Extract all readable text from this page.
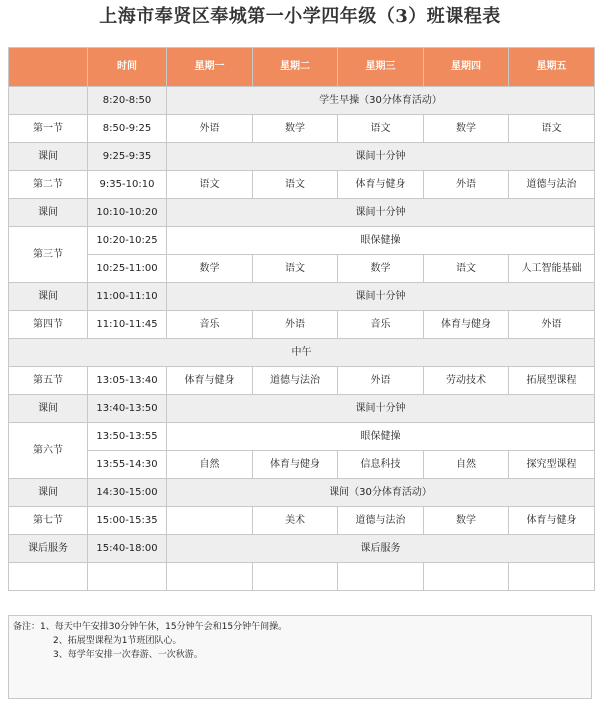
上海市奉贤区奉城第一小学四年级（3）班课程表
	时间	星期一	星期二	星期三	星期四	星期五
	8:20-8:50	学生早操（30分体育活动）				
第一节	8:50-9:25	外语	数学	语文	数学	语文
课间	9:25-9:35	课间十分钟				
第二节	9:35-10:10	语文	语文	体育与健身	外语	道德与法治
课间	10:10-10:20	课间十分钟				
第三节	10:20-10:25	眼保健操				
	10:25-11:00	数学	语文	数学	语文	人工智能基础
课间	11:00-11:10	课间十分钟				
第四节	11:10-11:45	音乐	外语	音乐	体育与健身	外语
中午						
第五节	13:05-13:40	体育与健身	道德与法治	外语	劳动技术	拓展型课程
课间	13:40-13:50	课间十分钟				
第六节	13:50-13:55	眼保健操				
	13:55-14:30	自然	体育与健身	信息科技	自然	探究型课程
课间	14:30-15:00	课间（30分体育活动）				
第七节	15:00-15:35		美术	道德与法治	数学	体育与健身
课后服务	15:40-18:00	课后服务				

备注：1、每天中午安排30分钟午休，15分钟午会和15分钟午间操。
2、拓展型课程为1节班团队心。
3、每学年安排一次春游、一次秋游。
